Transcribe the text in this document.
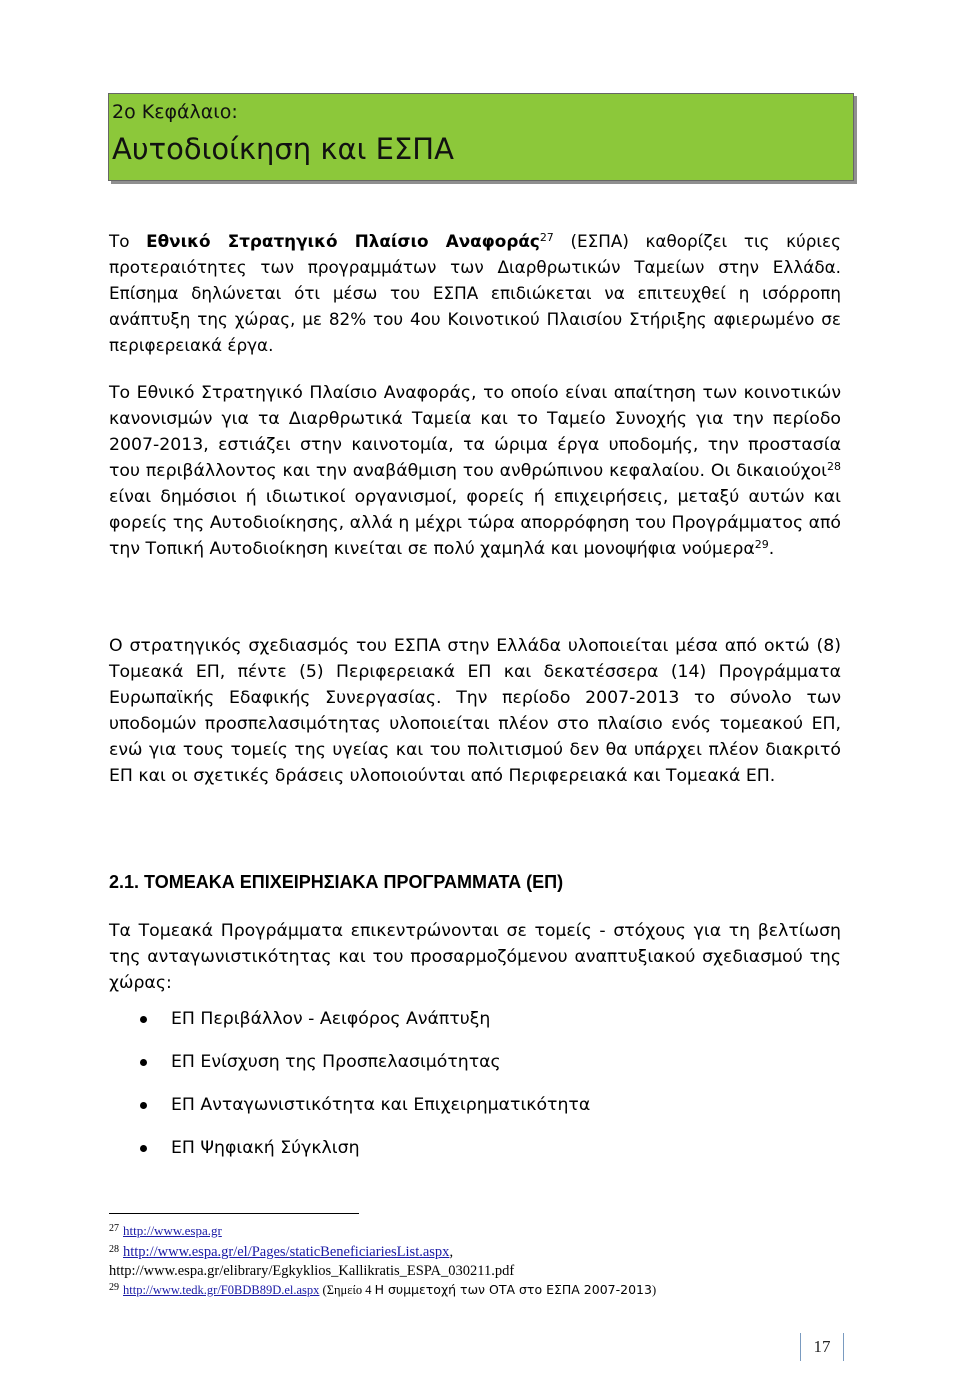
2ο Κεφάλαιο:
Αυτοδιοίκηση και ΕΣΠΑ

Το Εθνικό Στρατηγικό Πλαίσιο Αναφοράς$^{27}$ (ΕΣΠΑ) καθορίζει τις κύριες προτεραιότητες των προγραμμάτων των Διαρθρωτικών Ταμείων στην Ελλάδα. Επίσημα δηλώνεται ότι μέσω του ΕΣΠΑ επιδιώκεται να επιτευχθεί η ισόρροπη ανάπτυξη της χώρας, με 82% του 4ου Κοινοτικού Πλαισίου Στήριξης αφιερωμένο σε περιφερειακά έργα.

Το Εθνικό Στρατηγικό Πλαίσιο Αναφοράς, το οποίο είναι απαίτηση των κοινοτικών κανονισμών για τα Διαρθρωτικά Ταμεία και το Ταμείο Συνοχής για την περίοδο 2007-2013, εστιάζει στην καινοτομία, τα ώριμα έργα υποδομής, την προστασία του περιβάλλοντος και την αναβάθμιση του ανθρώπινου κεφαλαίου. Οι δικαιούχοι$^{28}$ είναι δημόσιοι ή ιδιωτικοί οργανισμοί, φορείς ή επιχειρήσεις, μεταξύ αυτών και φορείς της Αυτοδιοίκησης, αλλά η μέχρι τώρα απορρόφηση του Προγράμματος από την Τοπική Αυτοδιοίκηση κινείται σε πολύ χαμηλά και μονοψήφια νούμερα$^{29}$.

Ο στρατηγικός σχεδιασμός του ΕΣΠΑ στην Ελλάδα υλοποιείται μέσα από οκτώ (8) Τομεακά ΕΠ, πέντε (5) Περιφερειακά ΕΠ και δεκατέσσερα (14) Προγράμματα Ευρωπαϊκής Εδαφικής Συνεργασίας. Την περίοδο 2007-2013 το σύνολο των υποδομών προσπελασιμότητας υλοποιείται πλέον στο πλαίσιο ενός τομεακού ΕΠ, ενώ για τους τομείς της υγείας και του πολιτισμού δεν θα υπάρχει πλέον διακριτό ΕΠ και οι σχετικές δράσεις υλοποιούνται από Περιφερειακά και Τομεακά ΕΠ.

2.1. ΤΟΜΕΑΚΑ ΕΠΙΧΕΙΡΗΣΙΑΚΑ ΠΡΟΓΡΑΜΜΑΤΑ (ΕΠ)

Τα Τομεακά Προγράμματα επικεντρώνονται σε τομείς - στόχους για τη βελτίωση της ανταγωνιστικότητας και του προσαρμοζόμενου αναπτυξιακού σχεδιασμού της χώρας:

ΕΠ Περιβάλλον - Αειφόρος Ανάπτυξη
ΕΠ Ενίσχυση της Προσπελασιμότητας
ΕΠ Ανταγωνιστικότητα και Επιχειρηματικότητα
ΕΠ Ψηφιακή Σύγκλιση
$^{27}$ http://www.espa.gr
$^{28}$ http://www.espa.gr/el/Pages/staticBeneficiariesList.aspx,
http://www.espa.gr/elibrary/Egkyklios_Kallikratis_ESPA_030211.pdf
$^{29}$ http://www.tedk.gr/F0BDB89D.el.aspx (Σημείο 4 Η συμμετοχή των ΟΤΑ στο ΕΣΠΑ 2007-2013)
17
